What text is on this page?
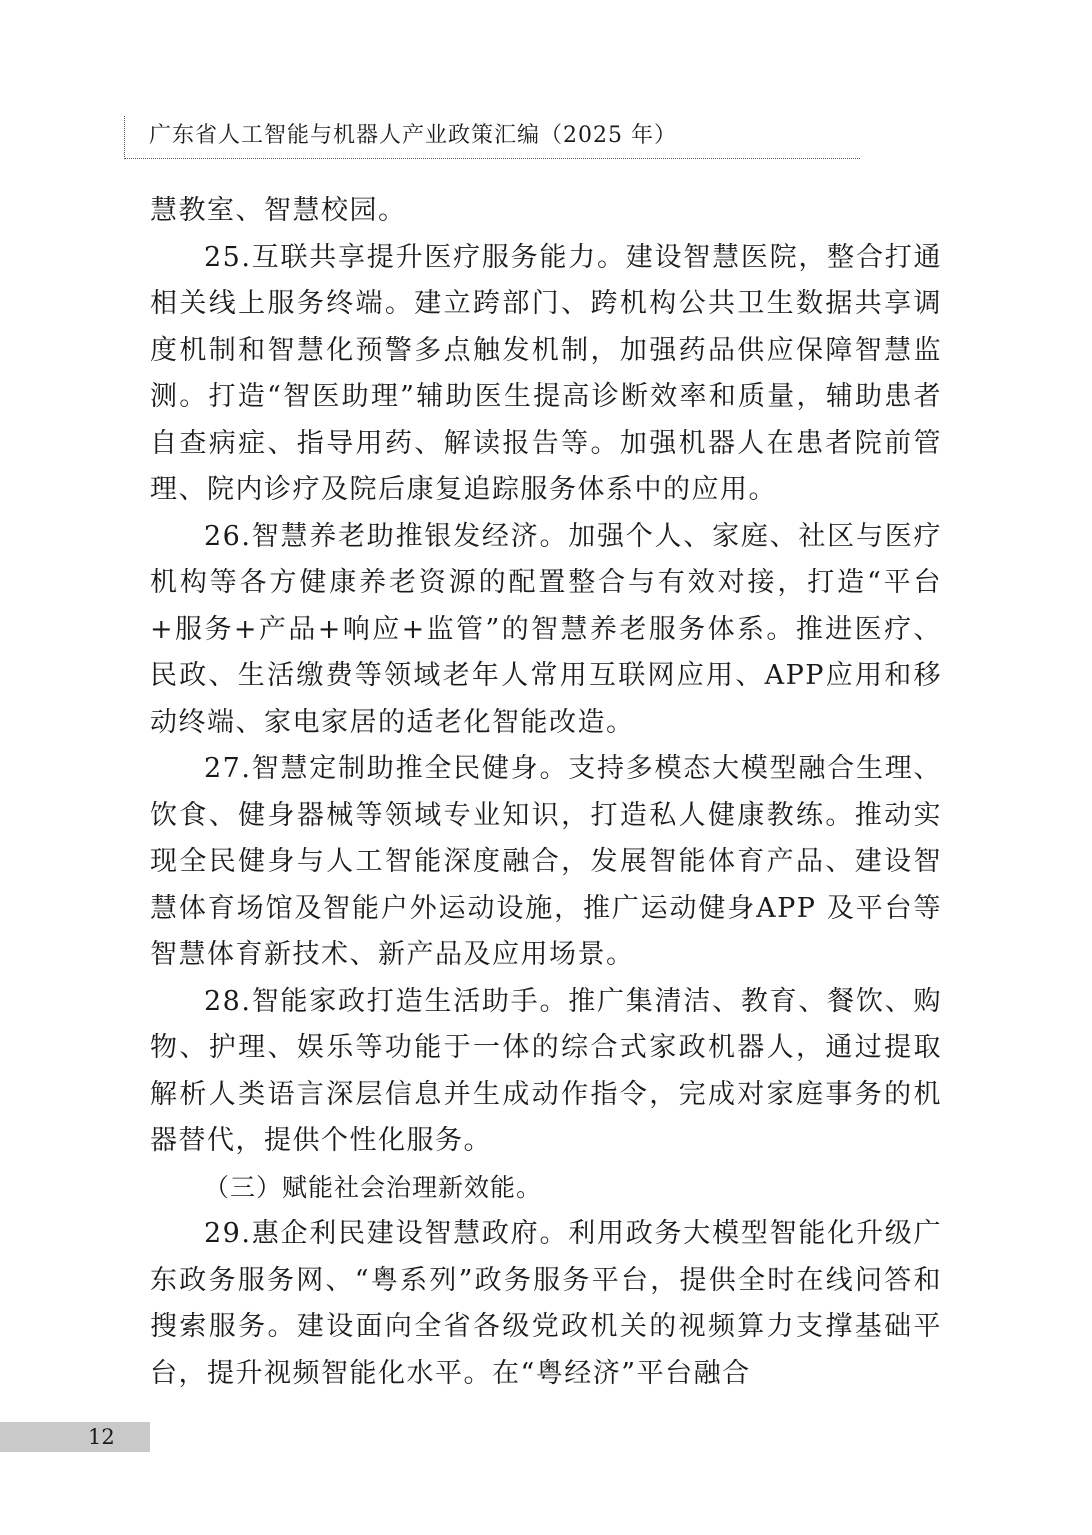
广东省人工智能与机器人产业政策汇编（2025 年）

慧教室、智慧校园。

25.互联共享提升医疗服务能力。建设智慧医院，整合打通相关线上服务终端。建立跨部门、跨机构公共卫生数据共享调度机制和智慧化预警多点触发机制，加强药品供应保障智慧监测。打造“智医助理”辅助医生提高诊断效率和质量，辅助患者自查病症、指导用药、解读报告等。加强机器人在患者院前管理、院内诊疗及院后康复追踪服务体系中的应用。

26.智慧养老助推银发经济。加强个人、家庭、社区与医疗机构等各方健康养老资源的配置整合与有效对接，打造“平台+服务+产品+响应+监管”的智慧养老服务体系。推进医疗、民政、生活缴费等领域老年人常用互联网应用、APP应用和移动终端、家电家居的适老化智能改造。

27.智慧定制助推全民健身。支持多模态大模型融合生理、饮食、健身器械等领域专业知识，打造私人健康教练。推动实现全民健身与人工智能深度融合，发展智能体育产品、建设智慧体育场馆及智能户外运动设施，推广运动健身APP 及平台等智慧体育新技术、新产品及应用场景。

28.智能家政打造生活助手。推广集清洁、教育、餐饮、购物、护理、娱乐等功能于一体的综合式家政机器人，通过提取解析人类语言深层信息并生成动作指令，完成对家庭事务的机器替代，提供个性化服务。

（三）赋能社会治理新效能。

29.惠企利民建设智慧政府。利用政务大模型智能化升级广东政务服务网、“粤系列”政务服务平台，提供全时在线问答和搜索服务。建设面向全省各级党政机关的视频算力支撑基础平台，提升视频智能化水平。在“粤经济”平台融合

12
